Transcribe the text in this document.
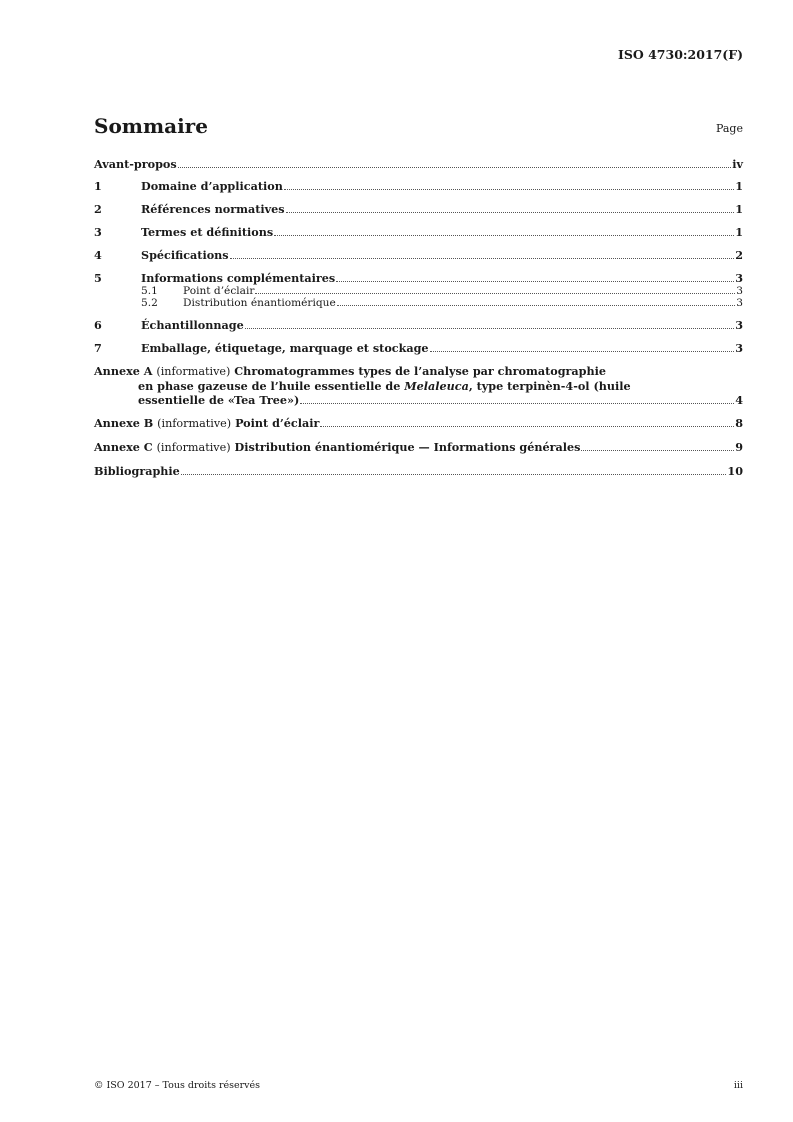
ISO 4730:2017(F)
Sommaire	Page
Avant-propos	iv
1	Domaine d’application	1
2	Références normatives	1
3	Termes et définitions	1
4	Spécifications	2
5	Informations complémentaires	3
5.1	Point d’éclair	3
5.2	Distribution énantiomérique	3
6	Échantillonnage	3
7	Emballage, étiquetage, marquage et stockage	3
Annexe A (informative) Chromatogrammes types de l’analyse par chromatographie
en phase gazeuse de l’huile essentielle de Melaleuca, type terpinèn-4-ol (huile
essentielle de «Tea Tree»)	4
Annexe B (informative) Point d’éclair	8
Annexe C (informative) Distribution énantiomérique — Informations générales	9
Bibliographie	10
© ISO 2017 – Tous droits réservés	iii
